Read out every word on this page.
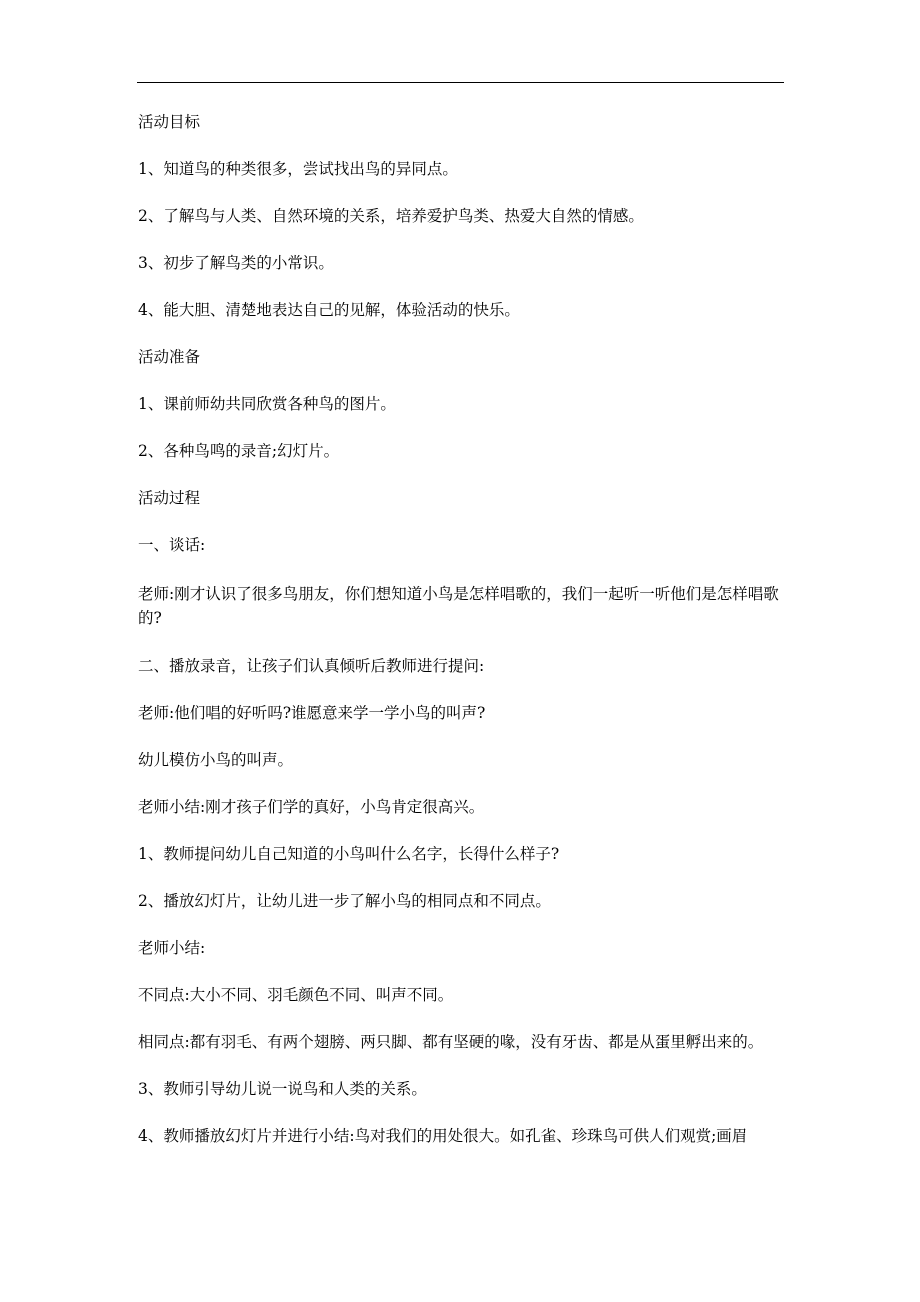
活动目标

1、知道鸟的种类很多，尝试找出鸟的异同点。

2、了解鸟与人类、自然环境的关系，培养爱护鸟类、热爱大自然的情感。

3、初步了解鸟类的小常识。

4、能大胆、清楚地表达自己的见解，体验活动的快乐。

活动准备

1、课前师幼共同欣赏各种鸟的图片。

2、各种鸟鸣的录音;幻灯片。

活动过程

一、谈话:

老师:刚才认识了很多鸟朋友，你们想知道小鸟是怎样唱歌的，我们一起听一听他们是怎样唱歌的?

二、播放录音，让孩子们认真倾听后教师进行提问:

老师:他们唱的好听吗?谁愿意来学一学小鸟的叫声?

幼儿模仿小鸟的叫声。

老师小结:刚才孩子们学的真好，小鸟肯定很高兴。

1、教师提问幼儿自己知道的小鸟叫什么名字，长得什么样子?

2、播放幻灯片，让幼儿进一步了解小鸟的相同点和不同点。

老师小结:

不同点:大小不同、羽毛颜色不同、叫声不同。

相同点:都有羽毛、有两个翅膀、两只脚、都有坚硬的喙，没有牙齿、都是从蛋里孵出来的。

3、教师引导幼儿说一说鸟和人类的关系。

4、教师播放幻灯片并进行小结:鸟对我们的用处很大。如孔雀、珍珠鸟可供人们观赏;画眉
